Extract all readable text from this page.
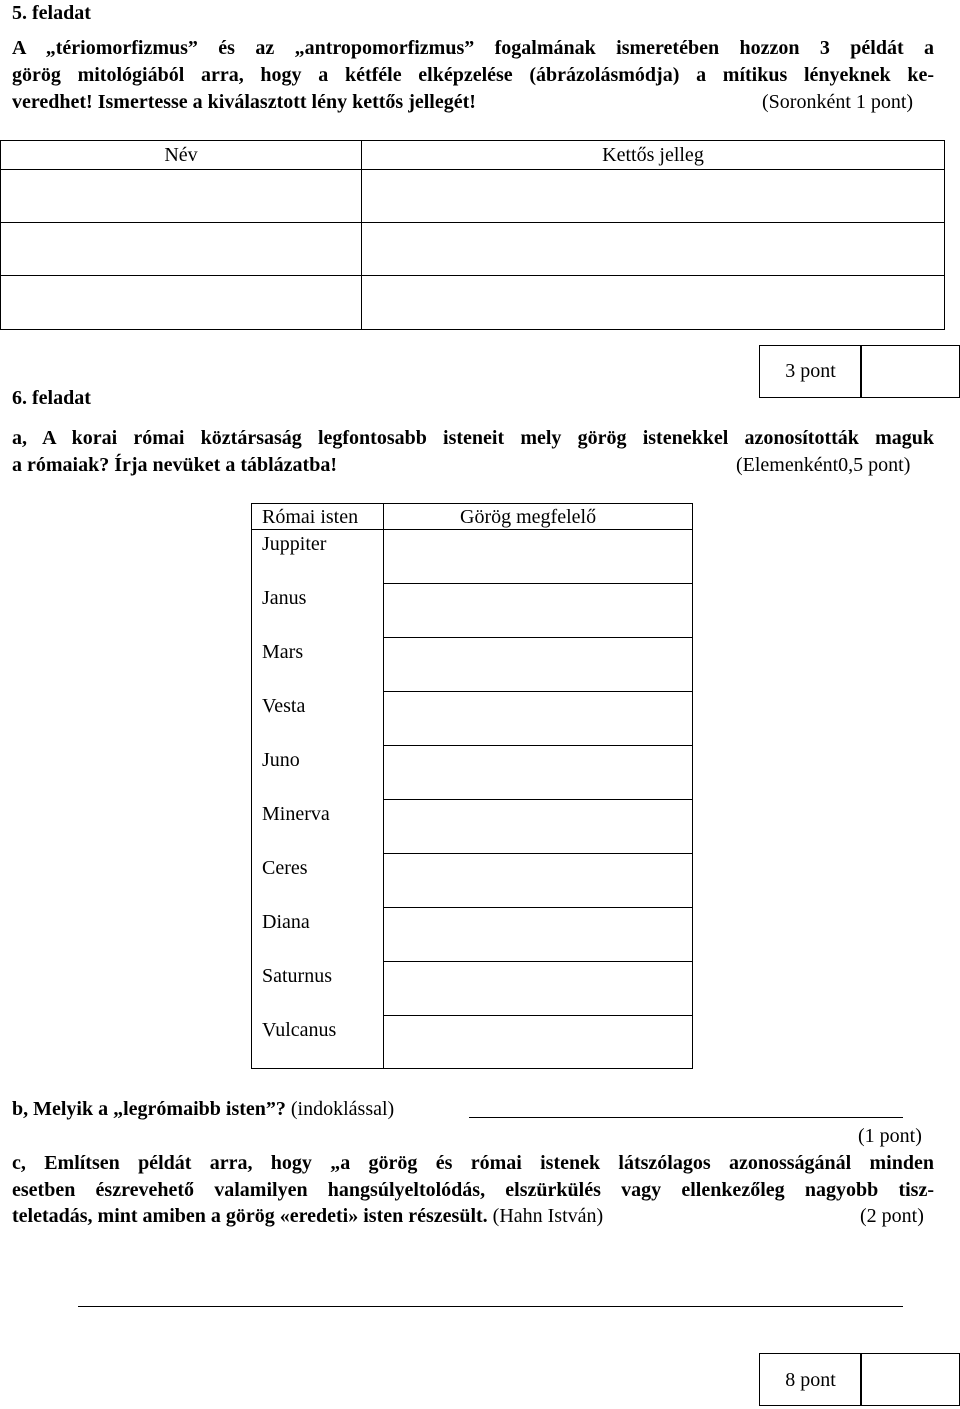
5. feladat
A „tériomorfizmus” és az „antropomorfizmus” fogalmának ismeretében hozzon 3 példát a
görög mitológiából arra, hogy a kétféle elképzelése (ábrázolásmódja) a mítikus lényeknek ke-
veredhet! Ismertesse a kiválasztott lény kettős jellegét!	(Soronként 1 pont)
Név	Kettős jelleg
3 pont
6. feladat
a, A korai római köztársaság legfontosabb isteneit mely görög istenekkel azonosították maguk
a rómaiak? Írja nevüket a táblázatba!	(Elemenként0,5 pont)
Római isten	Görög megfelelő
Juppiter
Janus
Mars
Vesta
Juno
Minerva
Ceres
Diana
Saturnus
Vulcanus
b, Melyik a „legrómaibb isten”? (indoklással)
(1 pont)
c, Említsen példát arra, hogy „a görög és római istenek látszólagos azonosságánál minden
esetben észrevehető valamilyen hangsúlyeltolódás, elszürkülés vagy ellenkezőleg nagyobb tisz-
teletadás, mint amiben a görög «eredeti» isten részesült. (Hahn István)	(2 pont)
8 pont
